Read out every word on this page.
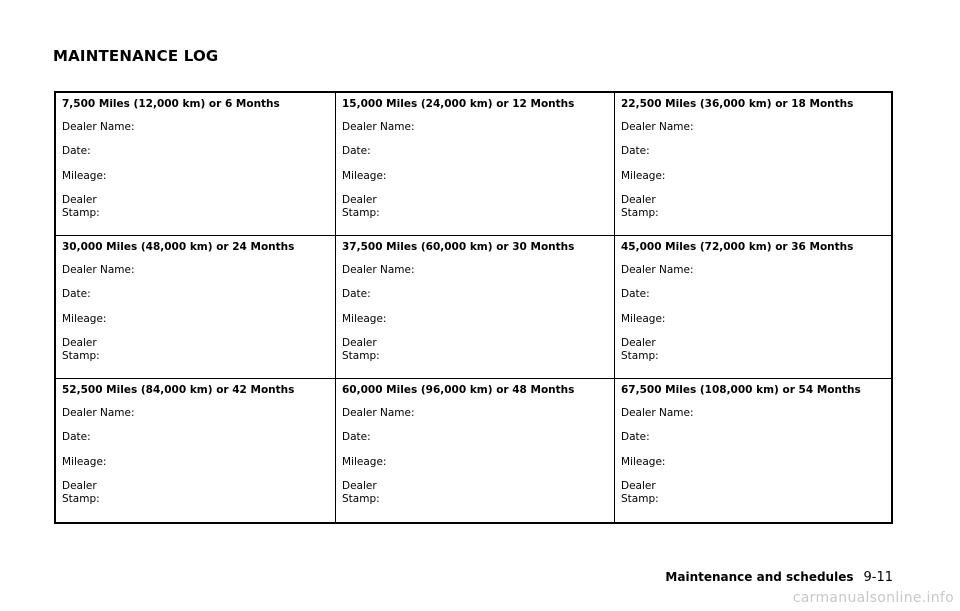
MAINTENANCE LOG
7,500 Miles (12,000 km) or 6 Months
Dealer Name:
Date:
Mileage:
Dealer
Stamp:
15,000 Miles (24,000 km) or 12 Months
Dealer Name:
Date:
Mileage:
Dealer
Stamp:
22,500 Miles (36,000 km) or 18 Months
Dealer Name:
Date:
Mileage:
Dealer
Stamp:
30,000 Miles (48,000 km) or 24 Months
Dealer Name:
Date:
Mileage:
Dealer
Stamp:
37,500 Miles (60,000 km) or 30 Months
Dealer Name:
Date:
Mileage:
Dealer
Stamp:
45,000 Miles (72,000 km) or 36 Months
Dealer Name:
Date:
Mileage:
Dealer
Stamp:
52,500 Miles (84,000 km) or 42 Months
Dealer Name:
Date:
Mileage:
Dealer
Stamp:
60,000 Miles (96,000 km) or 48 Months
Dealer Name:
Date:
Mileage:
Dealer
Stamp:
67,500 Miles (108,000 km) or 54 Months
Dealer Name:
Date:
Mileage:
Dealer
Stamp:
Maintenance and schedules 9-11
carmanualsonline.info
